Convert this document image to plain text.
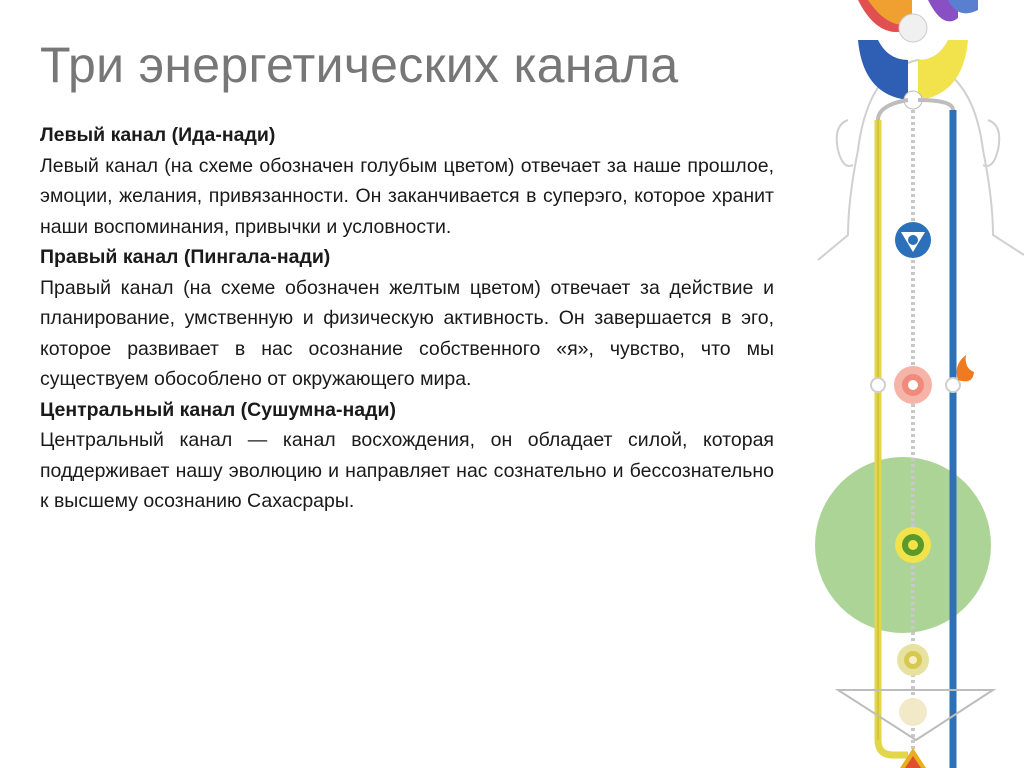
Три энергетических канала

Левый канал (Ида-нади)

Левый канал (на схеме обозначен голубым цветом) отвечает за наше прошлое, эмоции, желания, привязанности. Он заканчивается в суперэго, которое хранит наши воспоминания, привычки и условности.

Правый канал (Пингала-нади)

Правый канал (на схеме обозначен желтым цветом) отвечает за действие и планирование, умственную и физическую активность. Он завершается в эго, которое развивает в нас осознание собственного «я», чувство, что мы существуем обособлено от окружающего мира.

Центральный канал (Сушумна-нади)

Центральный канал — канал восхождения, он обладает силой, которая поддерживает нашу эволюцию и направляет нас сознательно и бессознательно к высшему осознанию Сахасрары.
